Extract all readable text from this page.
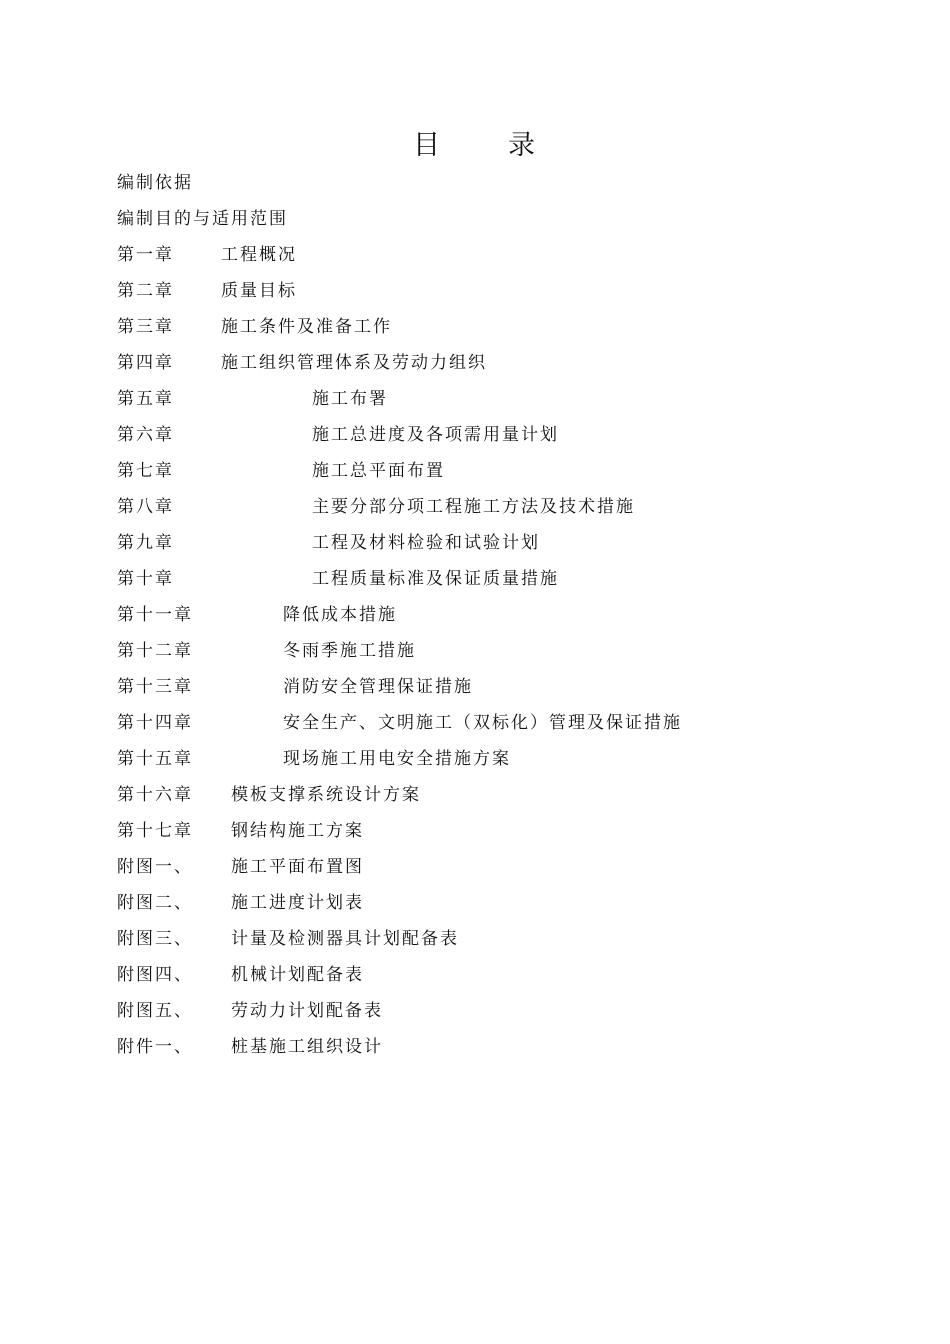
目 录
编制依据
编制目的与适用范围
第一章	工程概况
第二章	质量目标
第三章	施工条件及准备工作
第四章	施工组织管理体系及劳动力组织
第五章	施工布署
第六章	施工总进度及各项需用量计划
第七章	施工总平面布置
第八章	主要分部分项工程施工方法及技术措施
第九章	工程及材料检验和试验计划
第十章	工程质量标准及保证质量措施
第十一章	降低成本措施
第十二章	冬雨季施工措施
第十三章	消防安全管理保证措施
第十四章	安全生产、文明施工（双标化）管理及保证措施
第十五章	现场施工用电安全措施方案
第十六章 模板支撑系统设计方案
第十七章 钢结构施工方案
附图一、 施工平面布置图
附图二、 施工进度计划表
附图三、 计量及检测器具计划配备表
附图四、 机械计划配备表
附图五、 劳动力计划配备表
附件一、 桩基施工组织设计
